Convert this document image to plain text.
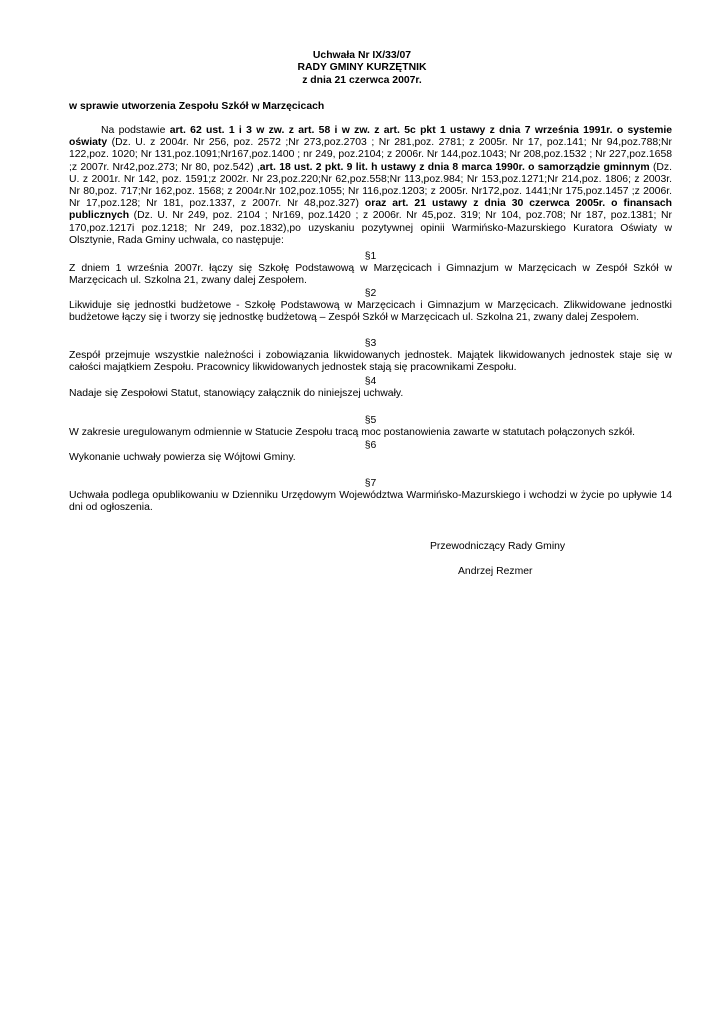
Uchwała Nr IX/33/07
RADY GMINY KURZĘTNIK
z dnia 21 czerwca 2007r.
w sprawie utworzenia Zespołu Szkół w Marzęcicach

Na podstawie art. 62 ust. 1 i 3 w zw. z art. 58 i w zw. z art. 5c pkt 1 ustawy z dnia 7 września 1991r. o systemie oświaty (Dz. U. z 2004r. Nr 256, poz. 2572 ;Nr 273,poz.2703 ; Nr 281,poz. 2781; z 2005r. Nr 17, poz.141; Nr 94,poz.788;Nr 122,poz. 1020; Nr 131,poz.1091;Nr167,poz.1400 ; nr 249, poz.2104; z 2006r. Nr 144,poz.1043; Nr 208,poz.1532 ; Nr 227,poz.1658 ;z 2007r. Nr42,poz.273; Nr 80, poz.542) ,art. 18 ust. 2 pkt. 9 lit. h ustawy z dnia 8 marca 1990r. o samorządzie gminnym (Dz. U. z 2001r. Nr 142, poz. 1591;z 2002r. Nr 23,poz.220;Nr 62,poz.558;Nr 113,poz.984; Nr 153,poz.1271;Nr 214,poz. 1806; z 2003r. Nr 80,poz. 717;Nr 162,poz. 1568; z 2004r.Nr 102,poz.1055; Nr 116,poz.1203; z 2005r. Nr172,poz. 1441;Nr 175,poz.1457 ;z 2006r. Nr 17,poz.128; Nr 181, poz.1337, z 2007r. Nr 48,poz.327) oraz art. 21 ustawy z dnia 30 czerwca 2005r. o finansach publicznych (Dz. U. Nr 249, poz. 2104 ; Nr169, poz.1420 ; z 2006r. Nr 45,poz. 319; Nr 104, poz.708; Nr 187, poz.1381; Nr 170,poz.1217i poz.1218; Nr 249, poz.1832),po uzyskaniu pozytywnej opinii Warmińsko-Mazurskiego Kuratora Oświaty w Olsztynie, Rada Gminy uchwala, co następuje:

§1

Z dniem 1 września 2007r. łączy się Szkołę Podstawową w Marzęcicach i Gimnazjum w Marzęcicach w Zespół Szkół w Marzęcicach ul. Szkolna 21, zwany dalej Zespołem.

§2

Likwiduje się jednostki budżetowe - Szkołę Podstawową w Marzęcicach i Gimnazjum w Marzęcicach. Zlikwidowane jednostki budżetowe łączy się i tworzy się jednostkę budżetową – Zespół Szkół w Marzęcicach ul. Szkolna 21, zwany dalej Zespołem.

§3

Zespół przejmuje wszystkie należności i zobowiązania likwidowanych jednostek. Majątek likwidowanych jednostek staje się w całości majątkiem Zespołu. Pracownicy likwidowanych jednostek stają się pracownikami Zespołu.

§4

Nadaje się Zespołowi Statut, stanowiący załącznik do niniejszej uchwały.

§5

W zakresie uregulowanym odmiennie w Statucie Zespołu tracą moc postanowienia zawarte w statutach połączonych szkół.

§6

Wykonanie uchwały powierza się Wójtowi Gminy.

§7

Uchwała podlega opublikowaniu w Dzienniku Urzędowym Województwa Warmińsko-Mazurskiego i wchodzi w życie po upływie 14 dni od ogłoszenia.

Przewodniczący Rady Gminy
Andrzej Rezmer
